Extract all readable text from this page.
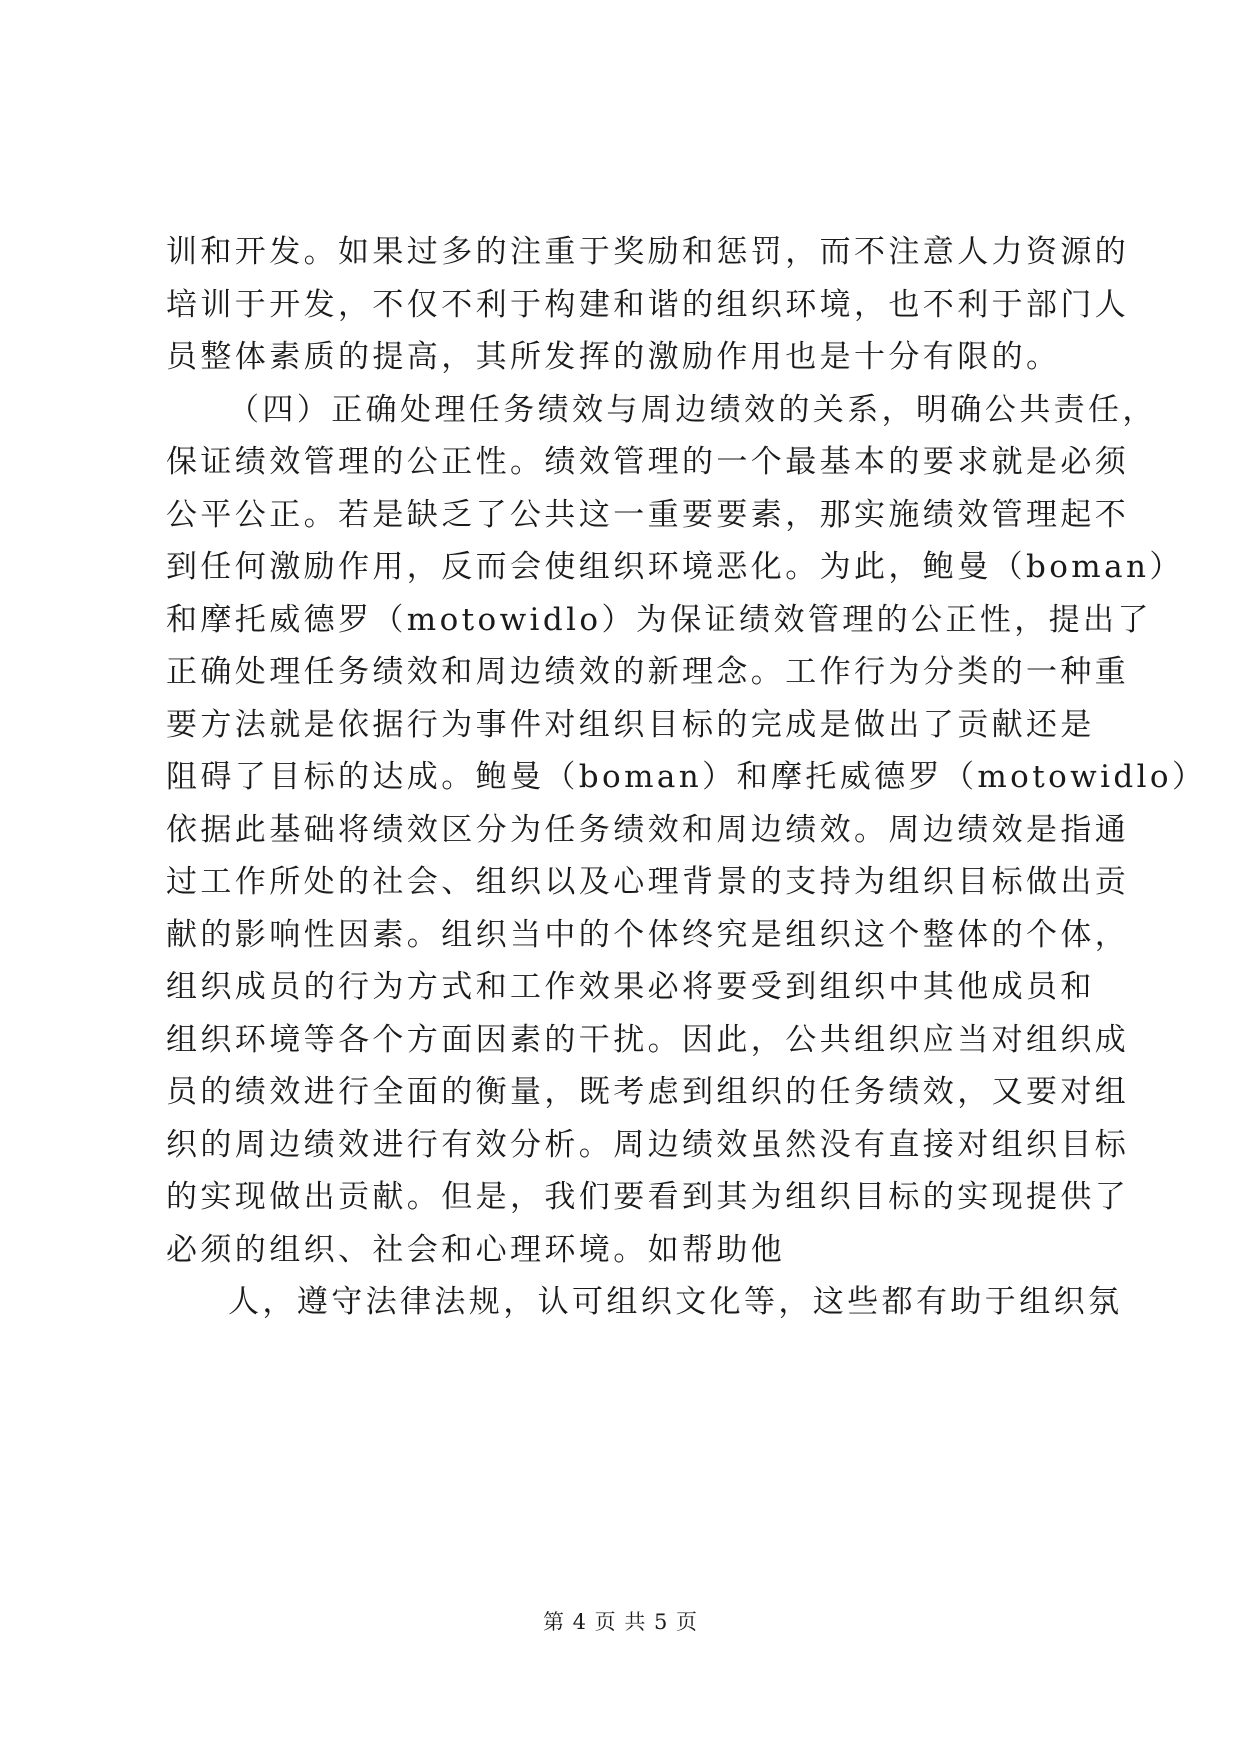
训和开发。如果过多的注重于奖励和惩罚，而不注意人力资源的
培训于开发，不仅不利于构建和谐的组织环境，也不利于部门人
员整体素质的提高，其所发挥的激励作用也是十分有限的。
（四）正确处理任务绩效与周边绩效的关系，明确公共责任，
保证绩效管理的公正性。绩效管理的一个最基本的要求就是必须
公平公正。若是缺乏了公共这一重要要素，那实施绩效管理起不
到任何激励作用，反而会使组织环境恶化。为此，鲍曼（boman）
和摩托威德罗（motowidlo）为保证绩效管理的公正性，提出了
正确处理任务绩效和周边绩效的新理念。工作行为分类的一种重
要方法就是依据行为事件对组织目标的完成是做出了贡献还是
阻碍了目标的达成。鲍曼（boman）和摩托威德罗（motowidlo）
依据此基础将绩效区分为任务绩效和周边绩效。周边绩效是指通
过工作所处的社会、组织以及心理背景的支持为组织目标做出贡
献的影响性因素。组织当中的个体终究是组织这个整体的个体，
组织成员的行为方式和工作效果必将要受到组织中其他成员和
组织环境等各个方面因素的干扰。因此，公共组织应当对组织成
员的绩效进行全面的衡量，既考虑到组织的任务绩效，又要对组
织的周边绩效进行有效分析。周边绩效虽然没有直接对组织目标
的实现做出贡献。但是，我们要看到其为组织目标的实现提供了
必须的组织、社会和心理环境。如帮助他
人，遵守法律法规，认可组织文化等，这些都有助于组织氛
第 4 页 共 5 页
